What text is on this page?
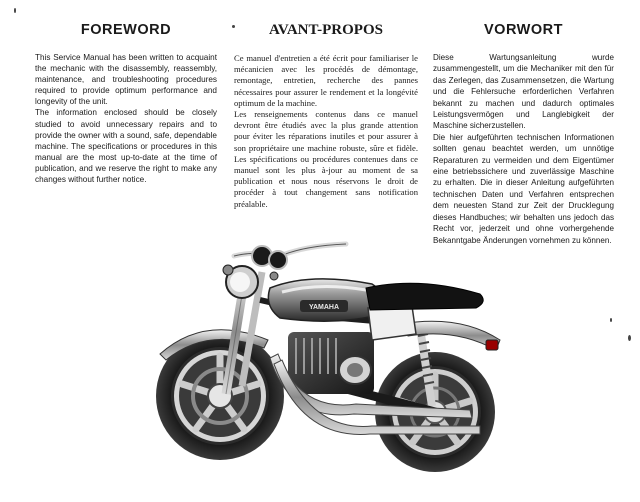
FOREWORD

This Service Manual has been written to acquaint the mechanic with the disassembly, reassembly, maintenance, and troubleshooting procedures required to provide optimum performance and longevity of the unit.

The information enclosed should be closely studied to avoid unnecessary repairs and to provide the owner with a sound, safe, dependable machine. The specifications or procedures in this manual are the most up-to-date at the time of publication, and we reserve the right to make any changes without further notice.

AVANT-PROPOS

Ce manuel d'entretien a été écrit pour familiariser le mécanicien avec les procédés de démontage, remontage, entretien, recherche des pannes nécessaires pour assurer le rendement et la longévité optimum de la machine.

Les renseignements contenus dans ce manuel devront être étudiés avec la plus grande attention pour éviter les réparations inutiles et pour assurer à son propriétaire une machine robuste, sûre et fidèle. Les spécifications ou procédures contenues dans ce manuel sont les plus à-jour au moment de sa publication et nous nous réservons le droit de procéder à tout changement sans notification préalable.

VORWORT

Diese Wartungsanleitung wurde zusammengestellt, um die Mechaniker mit den für das Zerlegen, das Zusammensetzen, die Wartung und die Fehlersuche erforderlichen Verfahren bekannt zu machen und dadurch optimales Leistungsvermögen und Langlebigkeit der Maschine sicherzustellen.

Die hier aufgeführten technischen Informationen sollten genau beachtet werden, um unnötige Reparaturen zu vermeiden und dem Eigentümer eine betriebssichere und zuverlässige Maschine zu erhalten. Die in dieser Anleitung aufgeführten technischen Daten und Verfahren entsprechen dem neuesten Stand zur Zeit der Drucklegung dieses Handbuches; wir behalten uns jedoch das Recht vor, jederzeit und ohne vorhergehende Bekanntgabe Änderungen vornehmen zu können.

YAMAHA
